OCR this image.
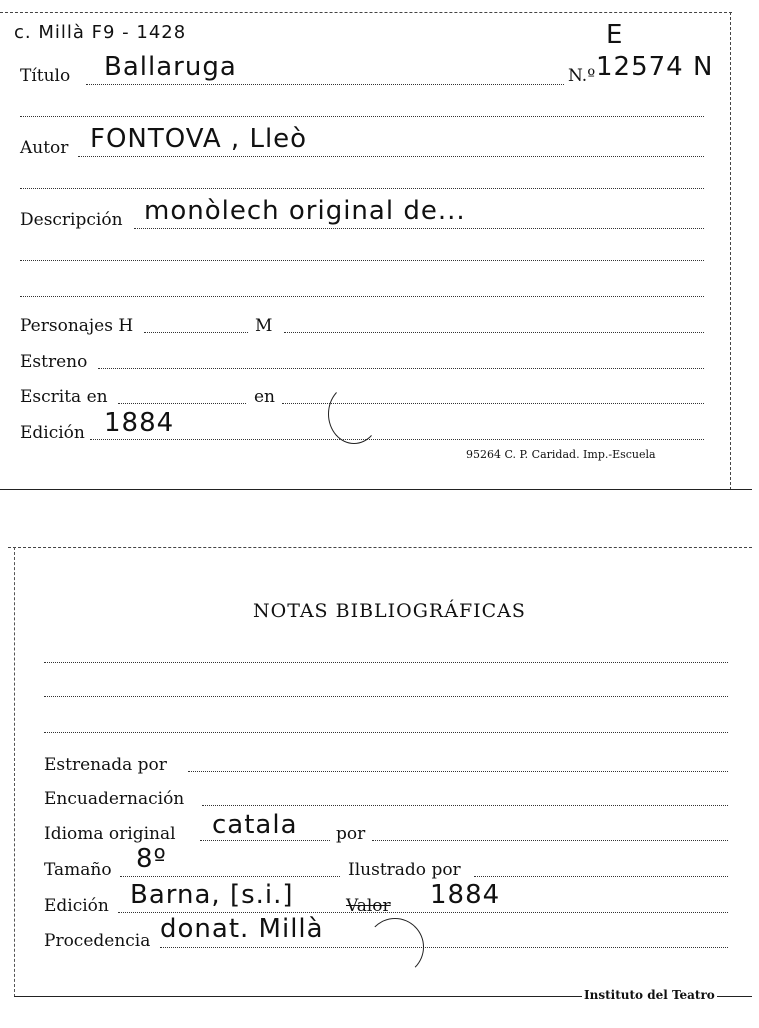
c. Millà F9 - 1428	E
Título Ballaruga	N.º 12574 N
Autor FONTOVA , Lleò
Descripción monòlech original de...
Personajes H	M
Estreno
Escrita en	en
Edición 1884
95264 C. P. Caridad. Imp.-Escuela
NOTAS BIBLIOGRÁFICAS
Estrenada por
Encuadernación
Idioma original catala por
Tamaño 8º	Ilustrado por
Edición Barna, [s.i.]	Valor 1884
Procedencia donat. Millà
Instituto del Teatro
